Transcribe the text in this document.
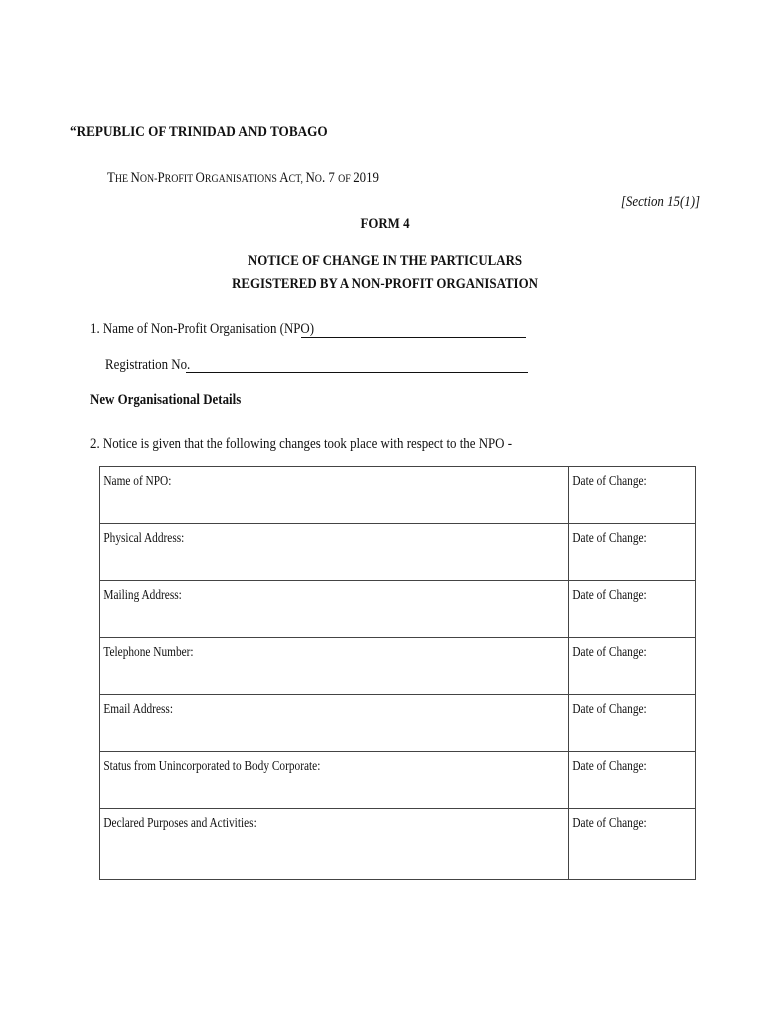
“REPUBLIC OF TRINIDAD AND TOBAGO
THE NON-PROFIT ORGANISATIONS ACT, NO. 7 OF 2019
[Section 15(1)]
FORM 4
NOTICE OF CHANGE IN THE PARTICULARS
REGISTERED BY A NON-PROFIT ORGANISATION
1. Name of Non-Profit Organisation (NPO)
Registration No.
New Organisational Details
2. Notice is given that the following changes took place with respect to the NPO -
Name of NPO:	Date of Change:
Physical Address:	Date of Change:
Mailing Address:	Date of Change:
Telephone Number:	Date of Change:
Email Address:	Date of Change:
Status from Unincorporated to Body Corporate:	Date of Change:
Declared Purposes and Activities:	Date of Change:
